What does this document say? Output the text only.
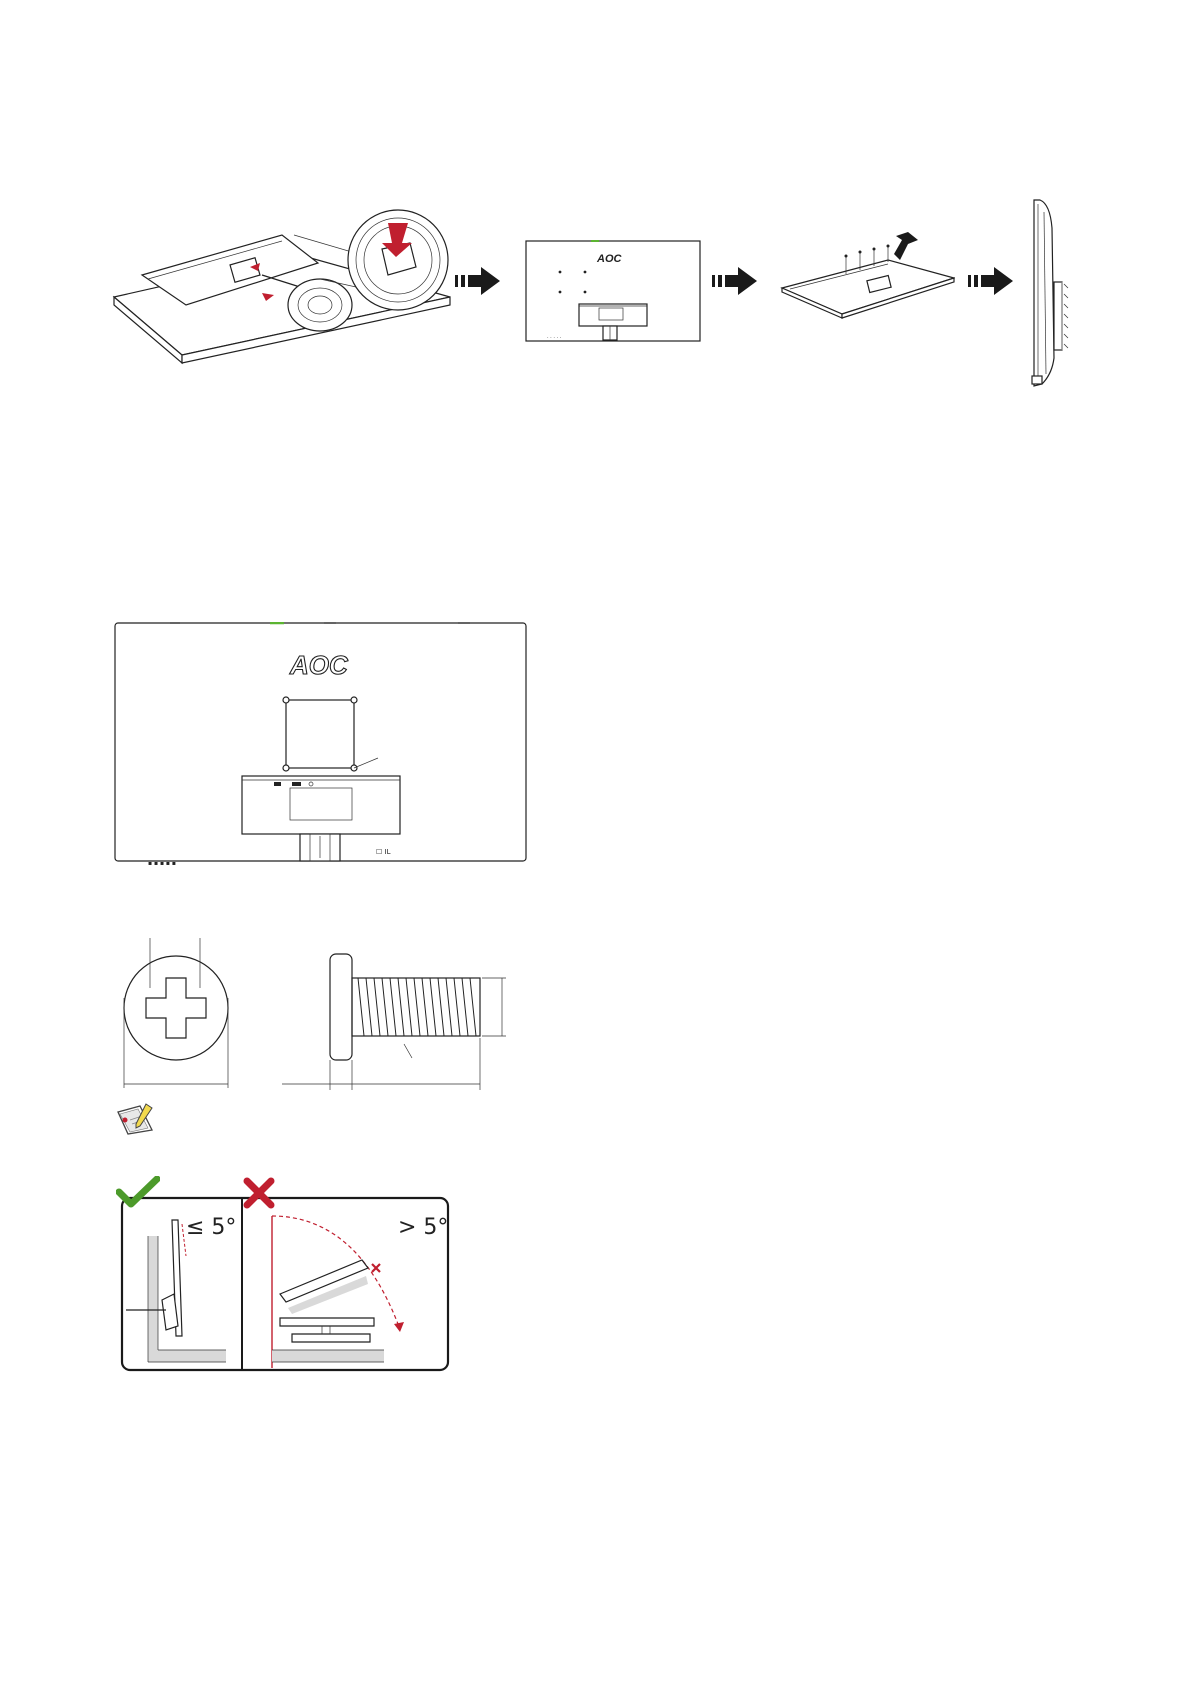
AOC
· · · · ·
AOC
☐ IL
▪ ▪ ▪ ▪ ▪
≤ 5°	> 5°
